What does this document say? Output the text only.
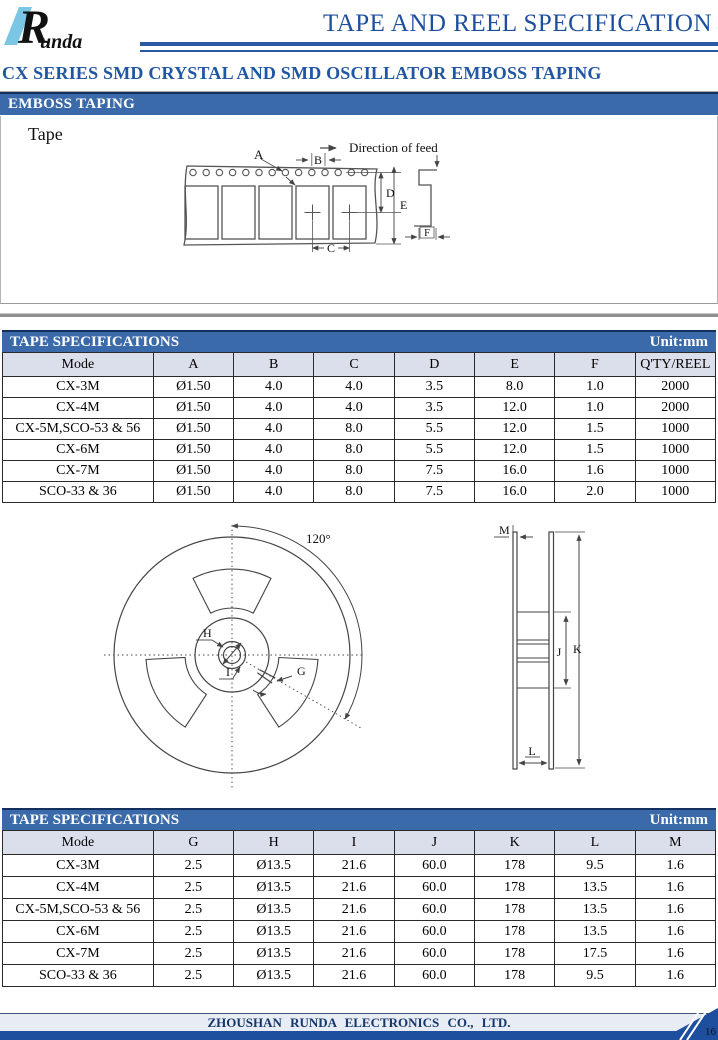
R
unda
TAPE AND REEL SPECIFICATION
CX SERIES SMD CRYSTAL AND SMD OSCILLATOR EMBOSS TAPING
EMBOSS TAPING
Tape
Direction of feed
A	B
C
D
E
F
TAPE SPECIFICATIONS	Unit:mm
Mode	A	B	C	D	E	F	Q'TY/REEL
CX-3M	Ø1.50	4.0	4.0	3.5	8.0	1.0	2000
CX-4M	Ø1.50	4.0	4.0	3.5	12.0	1.0	2000
CX-5M,SCO-53 & 56	Ø1.50	4.0	8.0	5.5	12.0	1.5	1000
CX-6M	Ø1.50	4.0	8.0	5.5	12.0	1.5	1000
CX-7M	Ø1.50	4.0	8.0	7.5	16.0	1.6	1000
SCO-33 & 36	Ø1.50	4.0	8.0	7.5	16.0	2.0	1000
120°
G
H
I
M
J K
L
TAPE SPECIFICATIONS	Unit:mm
Mode	G	H	I	J	K	L	M
CX-3M	2.5	Ø13.5	21.6	60.0	178	9.5	1.6
CX-4M	2.5	Ø13.5	21.6	60.0	178	13.5	1.6
CX-5M,SCO-53 & 56	2.5	Ø13.5	21.6	60.0	178	13.5	1.6
CX-6M	2.5	Ø13.5	21.6	60.0	178	13.5	1.6
CX-7M	2.5	Ø13.5	21.6	60.0	178	17.5	1.6
SCO-33 & 36	2.5	Ø13.5	21.6	60.0	178	9.5	1.6
ZHOUSHAN RUNDA ELECTRONICS CO., LTD.
16
